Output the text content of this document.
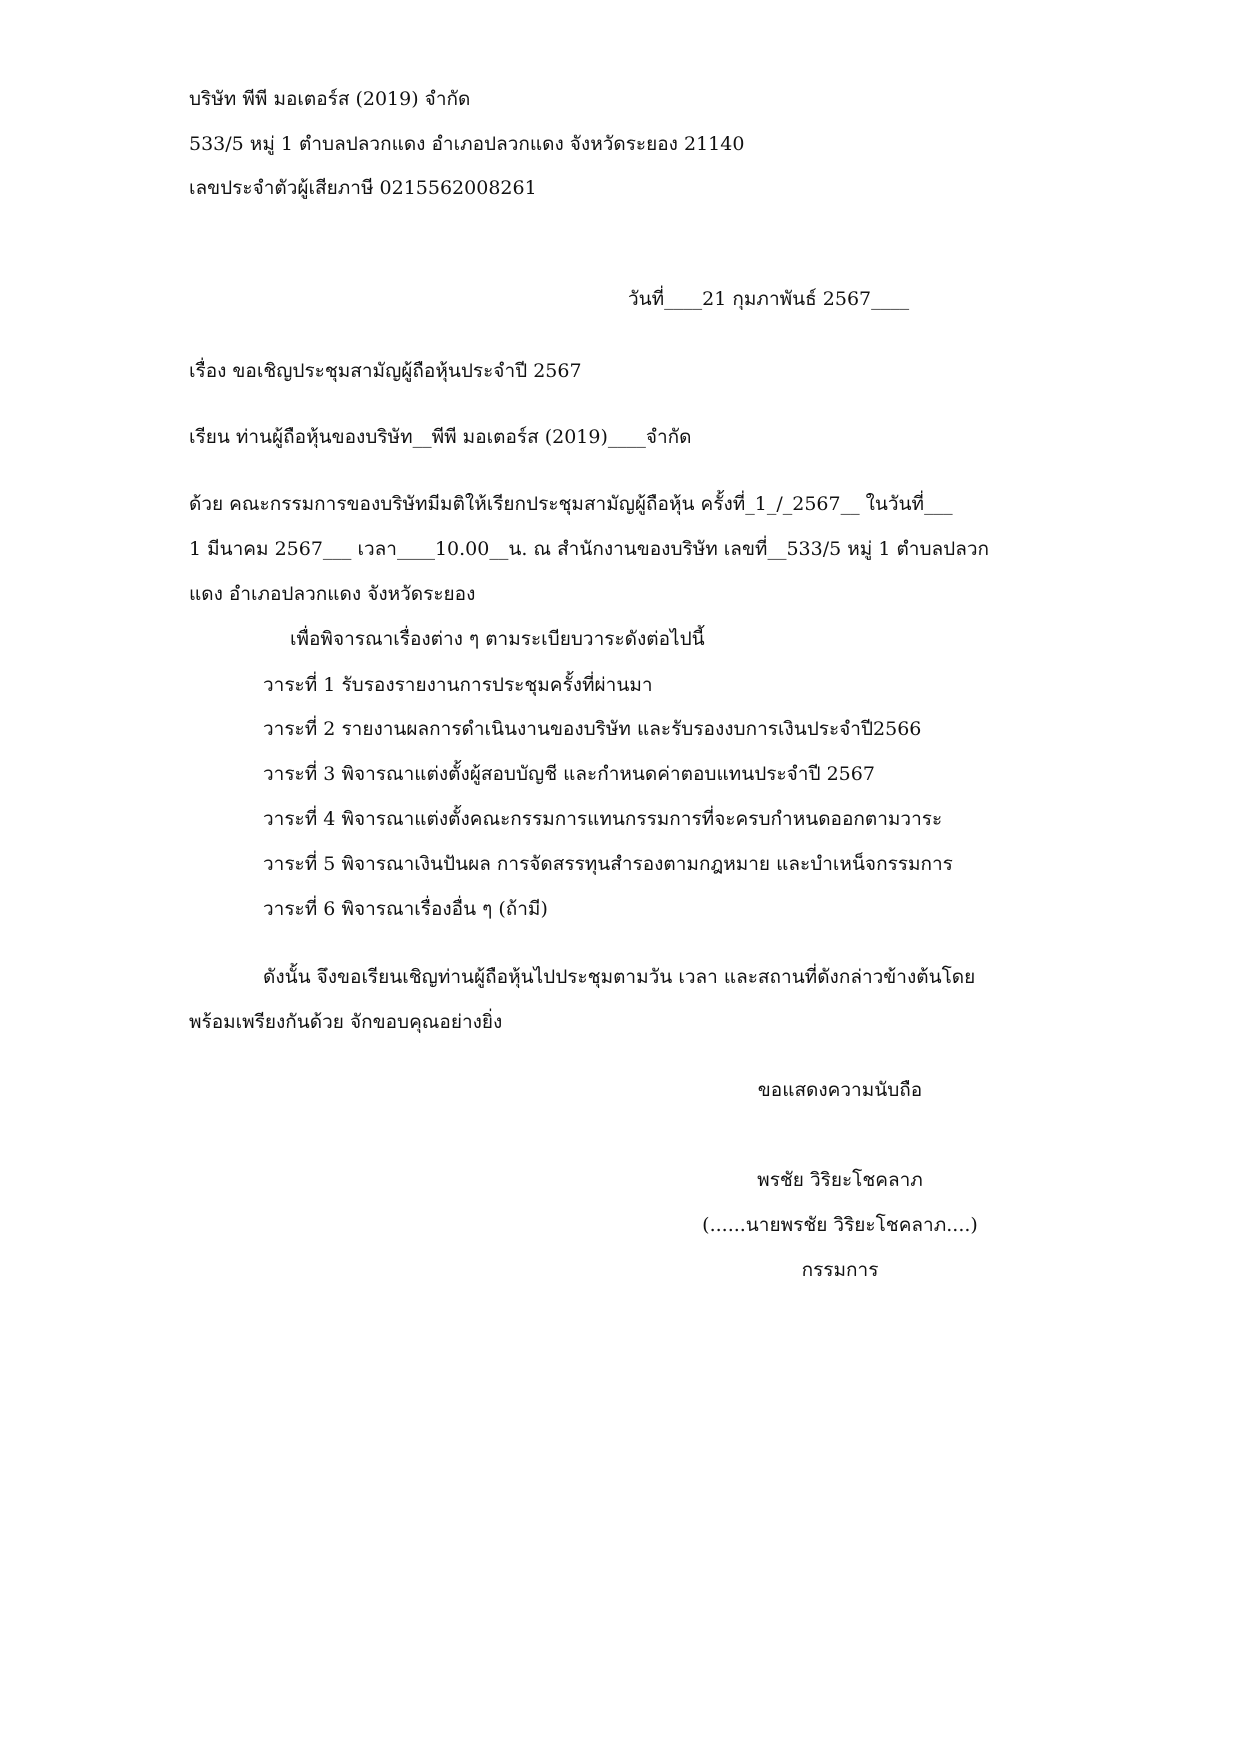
บริษัท พีพี มอเตอร์ส (2019) จำกัด
533/5 หมู่ 1 ตำบลปลวกแดง อำเภอปลวกแดง จังหวัดระยอง 21140
เลขประจำตัวผู้เสียภาษี 0215562008261
วันที่____21 กุมภาพันธ์ 2567____
เรื่อง ขอเชิญประชุมสามัญผู้ถือหุ้นประจำปี 2567
เรียน ท่านผู้ถือหุ้นของบริษัท__พีพี มอเตอร์ส (2019)____จำกัด
ด้วย คณะกรรมการของบริษัทมีมติให้เรียกประชุมสามัญผู้ถือหุ้น ครั้งที่_1_/_2567__ ในวันที่___
1 มีนาคม 2567___ เวลา____10.00__น. ณ สำนักงานของบริษัท เลขที่__533/5 หมู่ 1 ตำบลปลวก
แดง อำเภอปลวกแดง จังหวัดระยอง
เพื่อพิจารณาเรื่องต่าง ๆ ตามระเบียบวาระดังต่อไปนี้
วาระที่ 1 รับรองรายงานการประชุมครั้งที่ผ่านมา
วาระที่ 2 รายงานผลการดำเนินงานของบริษัท และรับรองงบการเงินประจำปี2566
วาระที่ 3 พิจารณาแต่งตั้งผู้สอบบัญชี และกำหนดค่าตอบแทนประจำปี 2567
วาระที่ 4 พิจารณาแต่งตั้งคณะกรรมการแทนกรรมการที่จะครบกำหนดออกตามวาระ
วาระที่ 5 พิจารณาเงินปันผล การจัดสรรทุนสำรองตามกฎหมาย และบำเหน็จกรรมการ
วาระที่ 6 พิจารณาเรื่องอื่น ๆ (ถ้ามี)
ดังนั้น จึงขอเรียนเชิญท่านผู้ถือหุ้นไปประชุมตามวัน เวลา และสถานที่ดังกล่าวข้างต้นโดย
พร้อมเพรียงกันด้วย จักขอบคุณอย่างยิ่ง
ขอแสดงความนับถือ
พรชัย วิริยะโชคลาภ
(......นายพรชัย วิริยะโชคลาภ....)
กรรมการ
